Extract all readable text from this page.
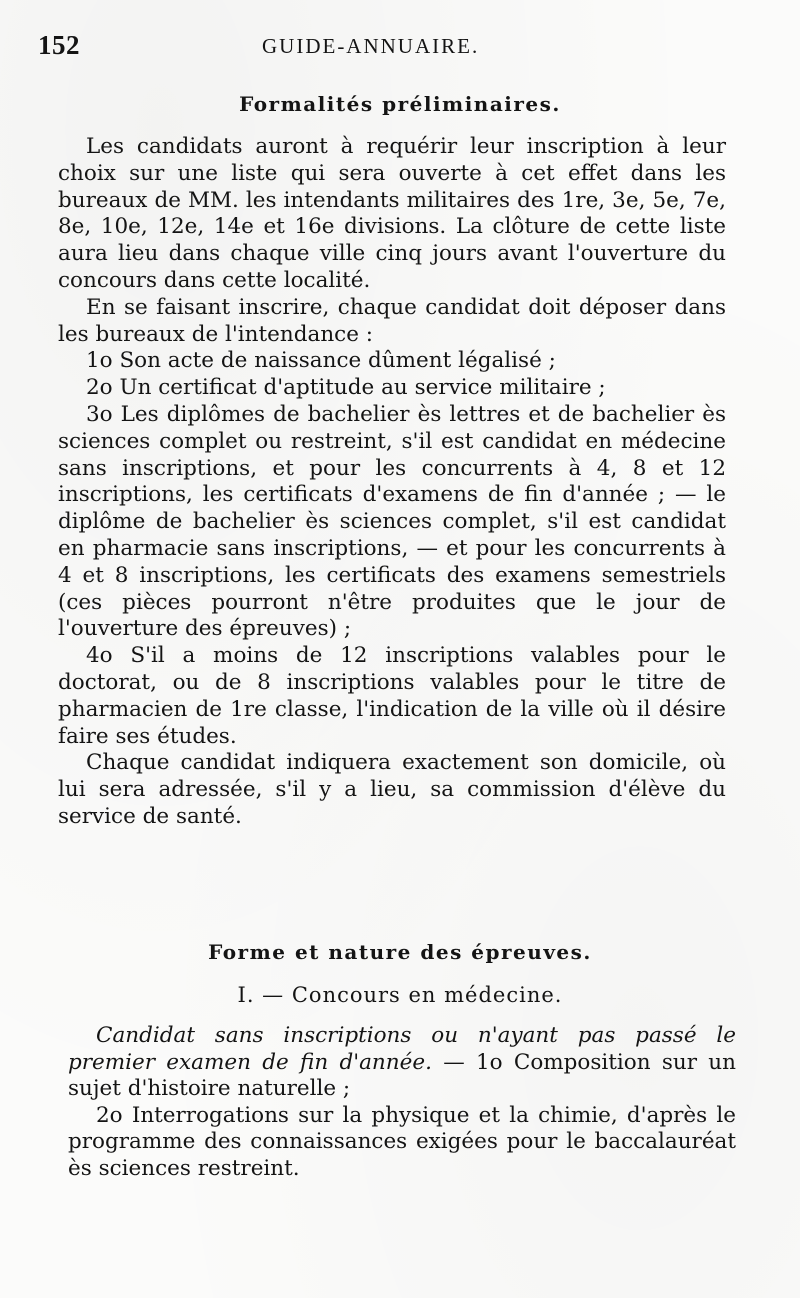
152	GUIDE-ANNUAIRE.
Formalités préliminaires.

Les candidats auront à requérir leur inscription à leur choix sur une liste qui sera ouverte à cet effet dans les bureaux de MM. les intendants militaires des 1re, 3e, 5e, 7e, 8e, 10e, 12e, 14e et 16e divisions. La clôture de cette liste aura lieu dans chaque ville cinq jours avant l'ouverture du concours dans cette localité.

En se faisant inscrire, chaque candidat doit déposer dans les bureaux de l'intendance :

1o Son acte de naissance dûment légalisé ;

2o Un certificat d'aptitude au service militaire ;

3o Les diplômes de bachelier ès lettres et de bachelier ès sciences complet ou restreint, s'il est candidat en médecine sans inscriptions, et pour les concurrents à 4, 8 et 12 inscriptions, les certificats d'examens de fin d'année ; — le diplôme de bachelier ès sciences complet, s'il est candidat en pharmacie sans inscriptions, — et pour les concurrents à 4 et 8 inscriptions, les certificats des examens semestriels (ces pièces pourront n'être produites que le jour de l'ouverture des épreuves) ;

4o S'il a moins de 12 inscriptions valables pour le doctorat, ou de 8 inscriptions valables pour le titre de pharmacien de 1re classe, l'indication de la ville où il désire faire ses études.

Chaque candidat indiquera exactement son domicile, où lui sera adressée, s'il y a lieu, sa commission d'élève du service de santé.

Forme et nature des épreuves.
I. — Concours en médecine.

Candidat sans inscriptions ou n'ayant pas passé le premier examen de fin d'année. — 1o Composition sur un sujet d'histoire naturelle ;

2o Interrogations sur la physique et la chimie, d'après le programme des connaissances exigées pour le baccalauréat ès sciences restreint.
